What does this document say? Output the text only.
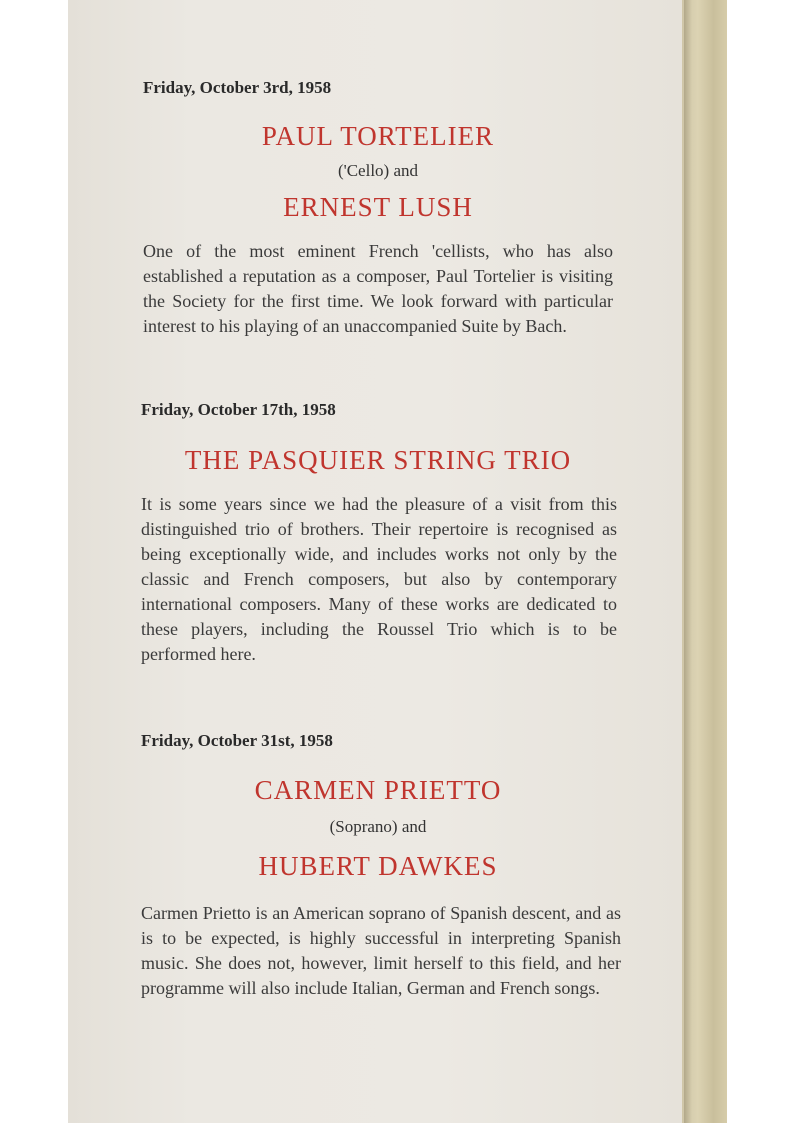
Friday, October 3rd, 1958

PAUL TORTELIER

('Cello) and

ERNEST LUSH

One of the most eminent French 'cellists, who has also established a reputation as a composer, Paul Tortelier is visiting the Society for the first time. We look forward with particular interest to his playing of an unaccompanied Suite by Bach.

Friday, October 17th, 1958

THE PASQUIER STRING TRIO

It is some years since we had the pleasure of a visit from this distinguished trio of brothers. Their repertoire is recognised as being exceptionally wide, and includes works not only by the classic and French composers, but also by contemporary international composers. Many of these works are dedicated to these players, including the Roussel Trio which is to be performed here.

Friday, October 31st, 1958

CARMEN PRIETTO

(Soprano) and

HUBERT DAWKES

Carmen Prietto is an American soprano of Spanish descent, and as is to be expected, is highly successful in interpreting Spanish music. She does not, however, limit herself to this field, and her programme will also include Italian, German and French songs.
